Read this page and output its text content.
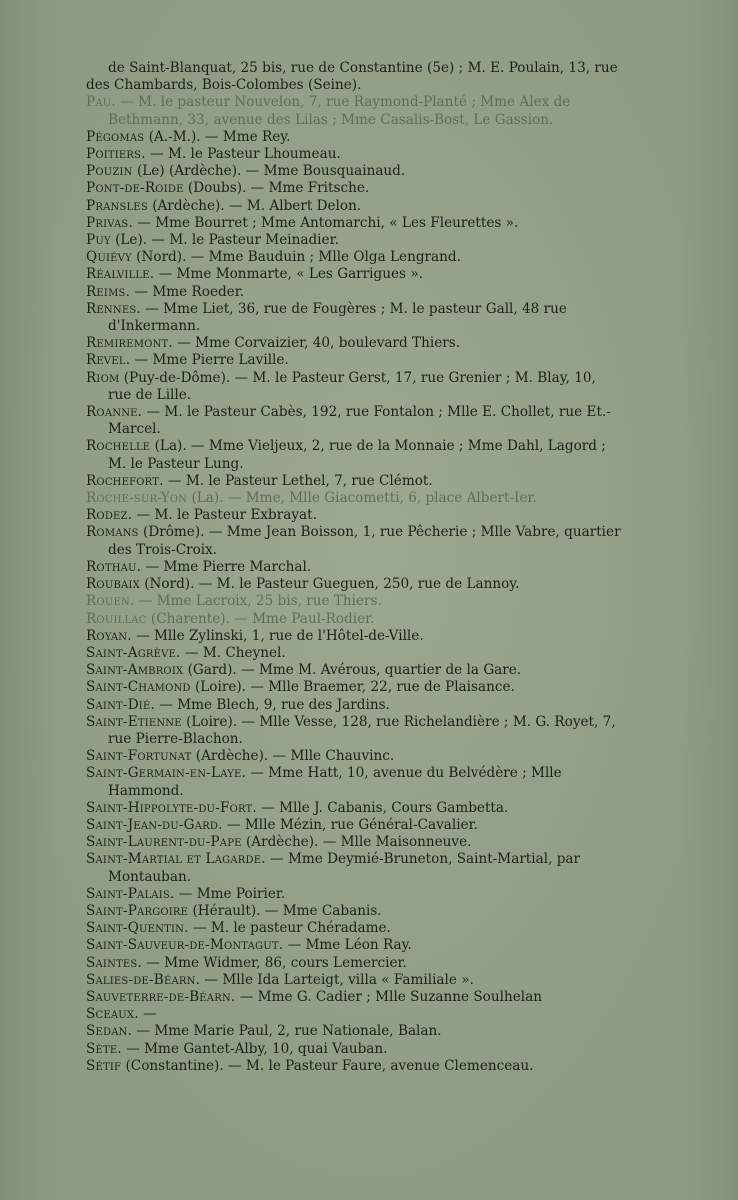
de Saint-Blanquat, 25 bis, rue de Constantine (5e) ; M. E. Poulain, 13, rue des Chambards, Bois-Colombes (Seine).
Pau. — M. le pasteur Nouvelon, 7, rue Raymond-Planté ; Mme Alex de Bethmann, 33, avenue des Lilas ; Mme Casalis-Bost, Le Gassion.
Pégomas (A.-M.). — Mme Rey.
Poitiers. — M. le Pasteur Lhoumeau.
Pouzin (Le) (Ardèche). — Mme Bousquainaud.
Pont-de-Roide (Doubs). — Mme Fritsche.
Pransles (Ardèche). — M. Albert Delon.
Privas. — Mme Bourret ; Mme Antomarchi, « Les Fleurettes ».
Puy (Le). — M. le Pasteur Meinadier.
Quiévy (Nord). — Mme Bauduin ; Mlle Olga Lengrand.
Réalville. — Mme Monmarte, « Les Garrigues ».
Reims. — Mme Roeder.
Rennes. — Mme Liet, 36, rue de Fougères ; M. le pasteur Gall, 48 rue d'Inkermann.
Remiremont. — Mme Corvaizier, 40, boulevard Thiers.
Revel. — Mme Pierre Laville.
Riom (Puy-de-Dôme). — M. le Pasteur Gerst, 17, rue Grenier ; M. Blay, 10, rue de Lille.
Roanne. — M. le Pasteur Cabès, 192, rue Fontalon ; Mlle E. Chollet, rue Et.-Marcel.
Rochelle (La). — Mme Vieljeux, 2, rue de la Monnaie ; Mme Dahl, Lagord ; M. le Pasteur Lung.
Rochefort. — M. le Pasteur Lethel, 7, rue Clémot.
Roche-sur-Yon (La). — Mme, Mlle Giacometti, 6, place Albert-Ier.
Rodez. — M. le Pasteur Exbrayat.
Romans (Drôme). — Mme Jean Boisson, 1, rue Pêcherie ; Mlle Vabre, quartier des Trois-Croix.
Rothau. — Mme Pierre Marchal.
Roubaix (Nord). — M. le Pasteur Gueguen, 250, rue de Lannoy.
Rouen. — Mme Lacroix, 25 bis, rue Thiers.
Rouillac (Charente). — Mme Paul-Rodier.
Royan. — Mlle Zylinski, 1, rue de l'Hôtel-de-Ville.
Saint-Agrève. — M. Cheynel.
Saint-Ambroix (Gard). — Mme M. Avérous, quartier de la Gare.
Saint-Chamond (Loire). — Mlle Braemer, 22, rue de Plaisance.
Saint-Dié. — Mme Blech, 9, rue des Jardins.
Saint-Etienne (Loire). — Mlle Vesse, 128, rue Richelandière ; M. G. Royet, 7, rue Pierre-Blachon.
Saint-Fortunat (Ardèche). — Mlle Chauvinc.
Saint-Germain-en-Laye. — Mme Hatt, 10, avenue du Belvédère ; Mlle Hammond.
Saint-Hippolyte-du-Fort. — Mlle J. Cabanis, Cours Gambetta.
Saint-Jean-du-Gard. — Mlle Mézin, rue Général-Cavalier.
Saint-Laurent-du-Pape (Ardèche). — Mlle Maisonneuve.
Saint-Martial et Lagarde. — Mme Deymié-Bruneton, Saint-Martial, par Montauban.
Saint-Palais. — Mme Poirier.
Saint-Pargoire (Hérault). — Mme Cabanis.
Saint-Quentin. — M. le pasteur Chéradame.
Saint-Sauveur-de-Montagut. — Mme Léon Ray.
Saintes. — Mme Widmer, 86, cours Lemercier.
Salies-de-Béarn. — Mlle Ida Larteigt, villa « Familiale ».
Sauveterre-de-Béarn. — Mme G. Cadier ; Mlle Suzanne Soulhelan
Sceaux. —
Sedan. — Mme Marie Paul, 2, rue Nationale, Balan.
Sète. — Mme Gantet-Alby, 10, quai Vauban.
Sétif (Constantine). — M. le Pasteur Faure, avenue Clemenceau.
